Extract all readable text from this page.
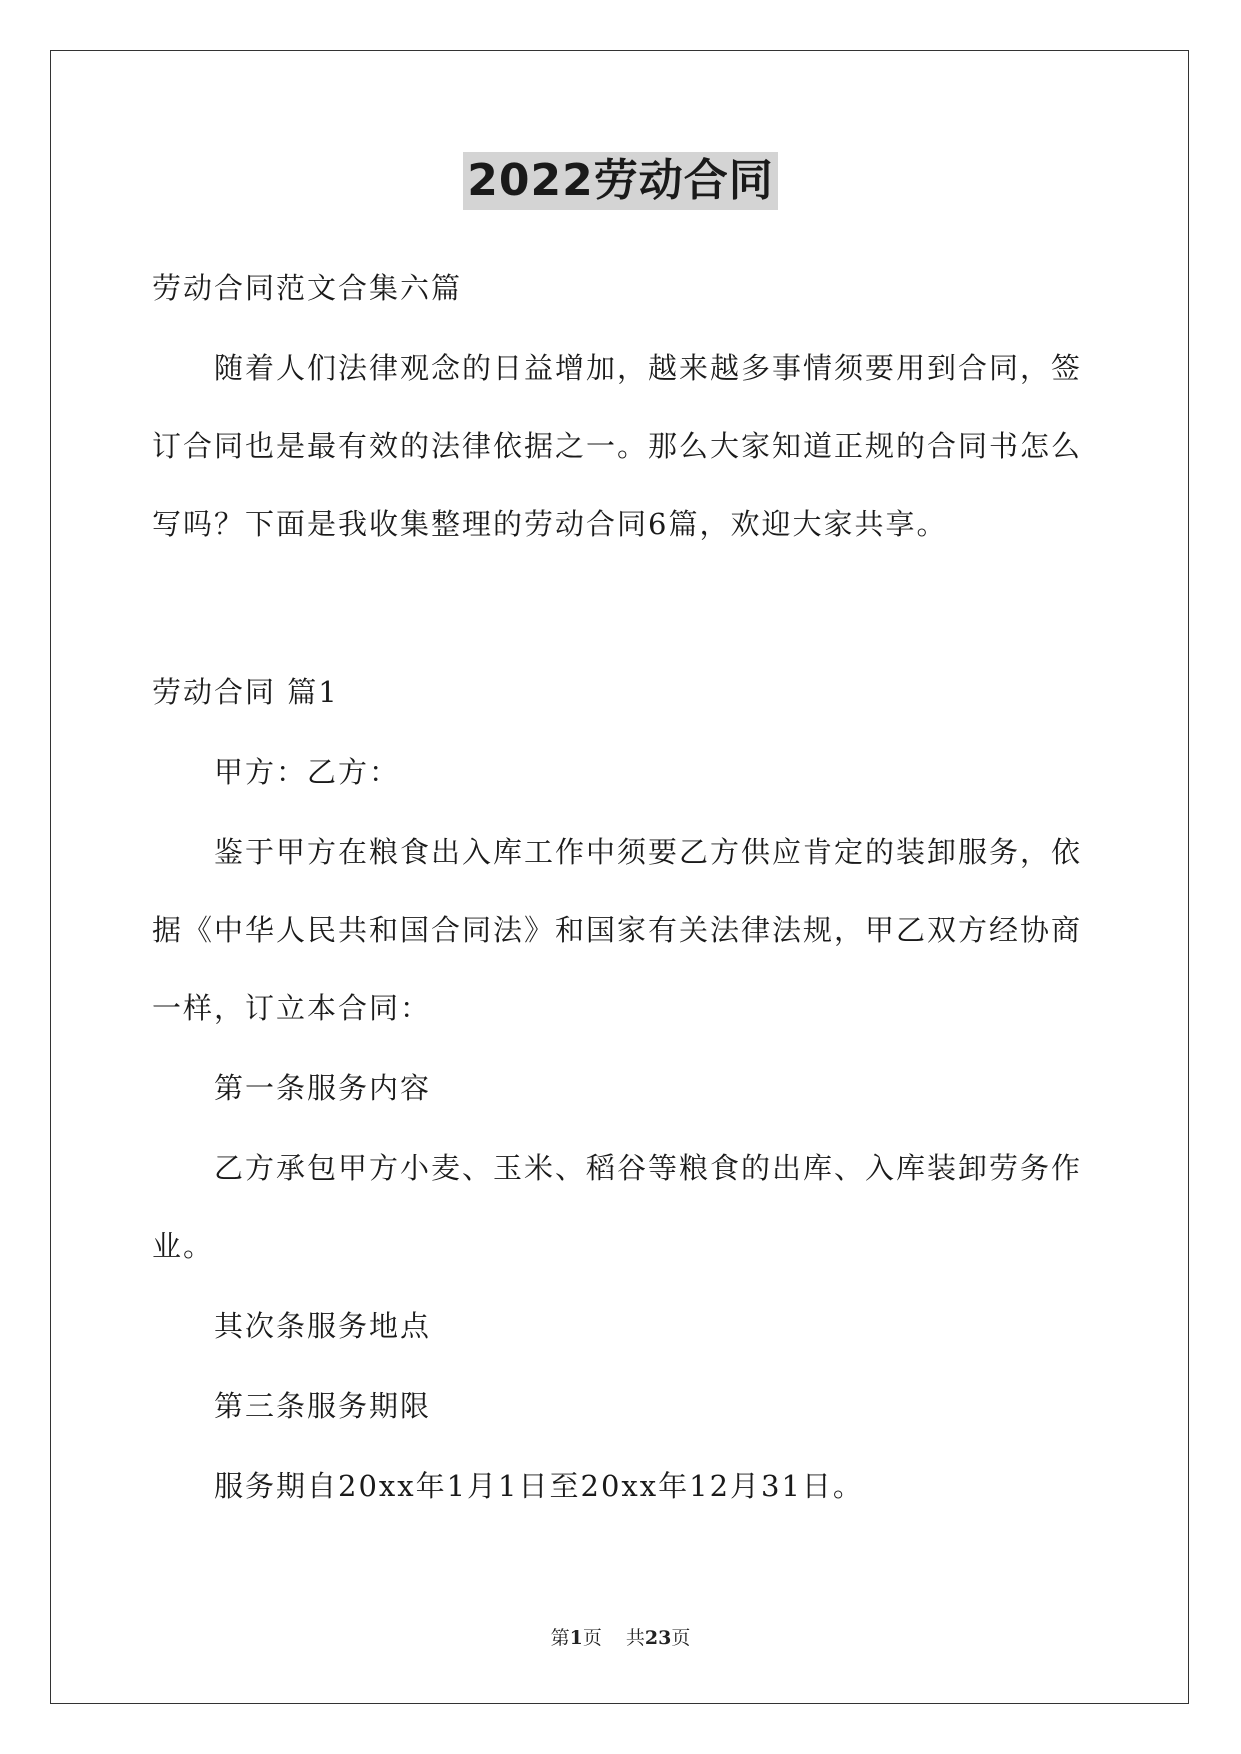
2022劳动合同
劳动合同范文合集六篇
随着人们法律观念的日益增加，越来越多事情须要用到合同，签
订合同也是最有效的法律依据之一。那么大家知道正规的合同书怎么
写吗？下面是我收集整理的劳动合同6篇，欢迎大家共享。
劳动合同 篇1
甲方：乙方：
鉴于甲方在粮食出入库工作中须要乙方供应肯定的装卸服务，依
据《中华人民共和国合同法》和国家有关法律法规，甲乙双方经协商
一样，订立本合同：
第一条服务内容
乙方承包甲方小麦、玉米、稻谷等粮食的出库、入库装卸劳务作
业。
其次条服务地点
第三条服务期限
服务期自20xx年1月1日至20xx年12月31日。
第1页 共23页
